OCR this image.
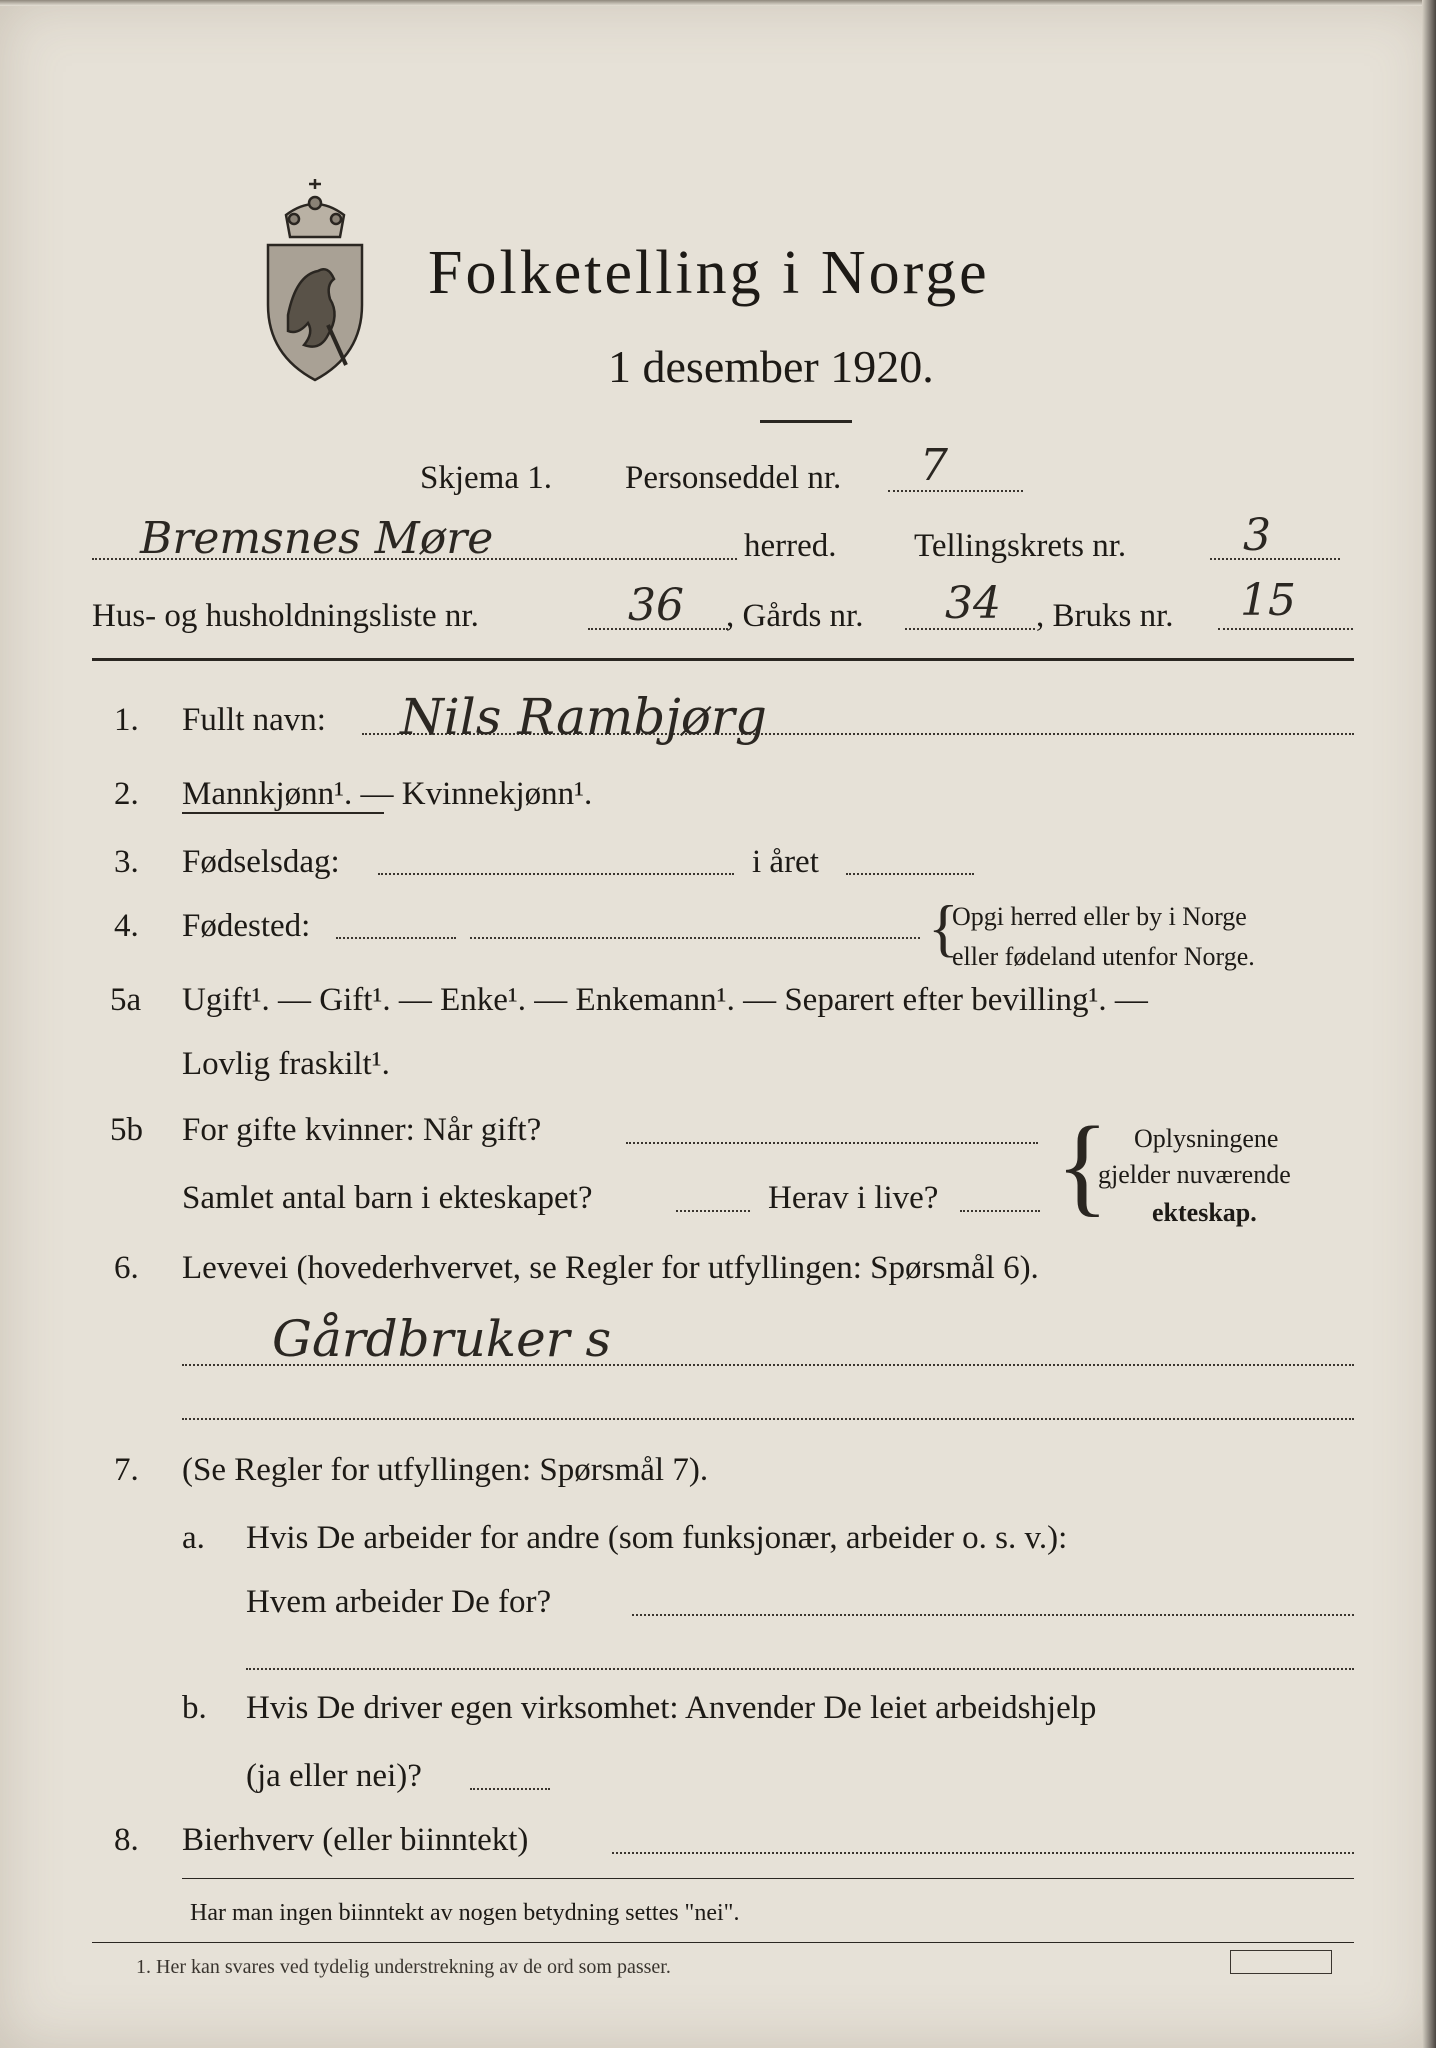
Folketelling i Norge
1 desember 1920.
Skjema 1. Personseddel nr. 7
Bremsnes Møre	herred. Tellingskrets nr.	3
Hus- og husholdningsliste nr.	36 , Gårds nr. 34 , Bruks nr. 15
1. Fullt navn: Nils Rambjørg
2. Mannkjønn¹. — Kvinnekjønn¹.
3. Fødselsdag:	i året
4. Fødested:	{
Opgi herred eller by i Norge
eller fødeland utenfor Norge.
5a Ugift¹. — Gift¹. — Enke¹. — Enkemann¹. — Separert efter bevilling¹. —
Lovlig fraskilt¹.
5b For gifte kvinner: Når gift?
Samlet antal barn i ekteskapet?	Herav i live? { Oplysningene
gjelder nuværende
ekteskap.
6. Levevei (hovederhvervet, se Regler for utfyllingen: Spørsmål 6).
Gårdbruker s
7. (Se Regler for utfyllingen: Spørsmål 7).
a. Hvis De arbeider for andre (som funksjonær, arbeider o. s. v.):
Hvem arbeider De for?
b. Hvis De driver egen virksomhet: Anvender De leiet arbeidshjelp
(ja eller nei)?
8. Bierhverv (eller biinntekt)
Har man ingen biinntekt av nogen betydning settes "nei".
1. Her kan svares ved tydelig understrekning av de ord som passer.
